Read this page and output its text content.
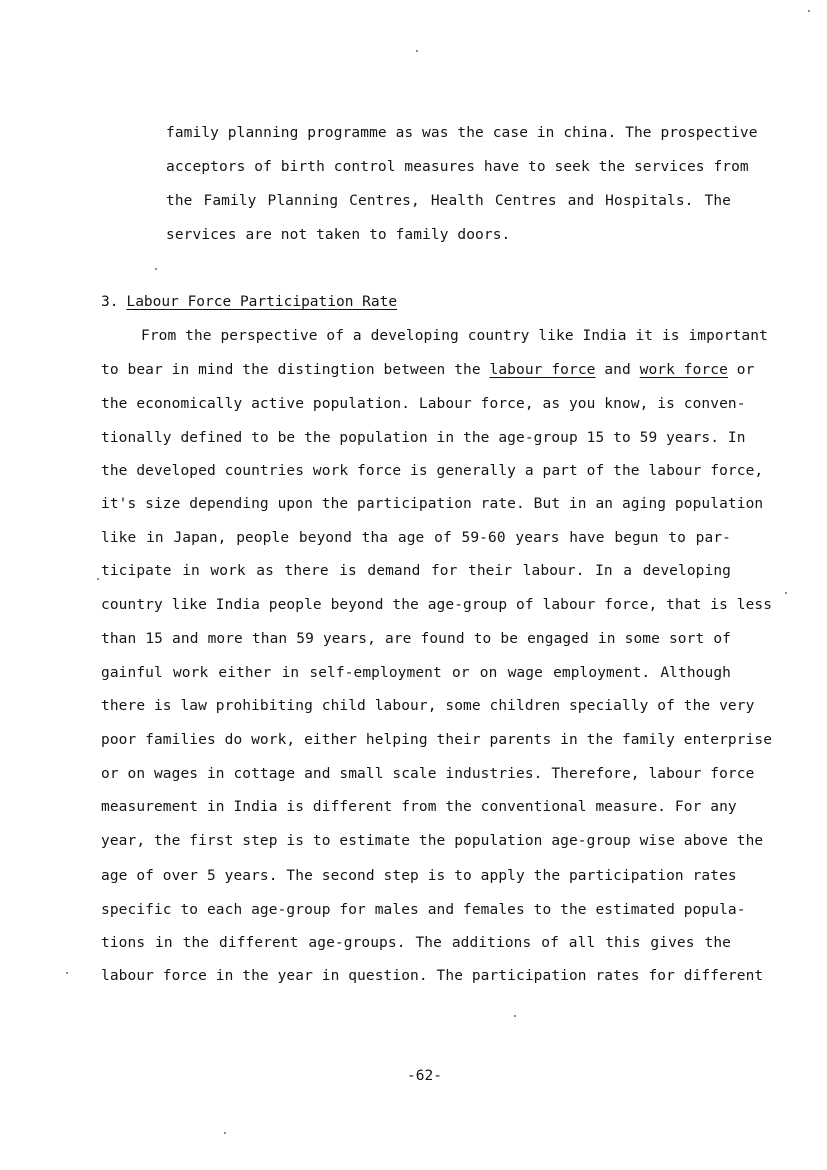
family planning programme as was the case in china. The prospective
acceptors of birth control measures have to seek the services from
the Family Planning Centres, Health Centres and Hospitals. The
services are not taken to family doors.
3. Labour Force Participation Rate
From the perspective of a developing country like India it is important
to bear in mind the distingtion between the labour force and work force or
the economically active population. Labour force, as you know, is conven-
tionally defined to be the population in the age-group 15 to 59 years. In
the developed countries work force is generally a part of the labour force,
it's size depending upon the participation rate. But in an aging population
like in Japan, people beyond tha age of 59-60 years have begun to par-
ticipate in work as there is demand for their labour. In a developing
country like India people beyond the age-group of labour force, that is less
than 15 and more than 59 years, are found to be engaged in some sort of
gainful work either in self-employment or on wage employment. Although
there is law prohibiting child labour, some children specially of the very
poor families do work, either helping their parents in the family enterprise
or on wages in cottage and small scale industries. Therefore, labour force
measurement in India is different from the conventional measure. For any
year, the first step is to estimate the population age-group wise above the
age of over 5 years. The second step is to apply the participation rates
specific to each age-group for males and females to the estimated popula-
tions in the different age-groups. The additions of all this gives the
labour force in the year in question. The participation rates for different
-62-
